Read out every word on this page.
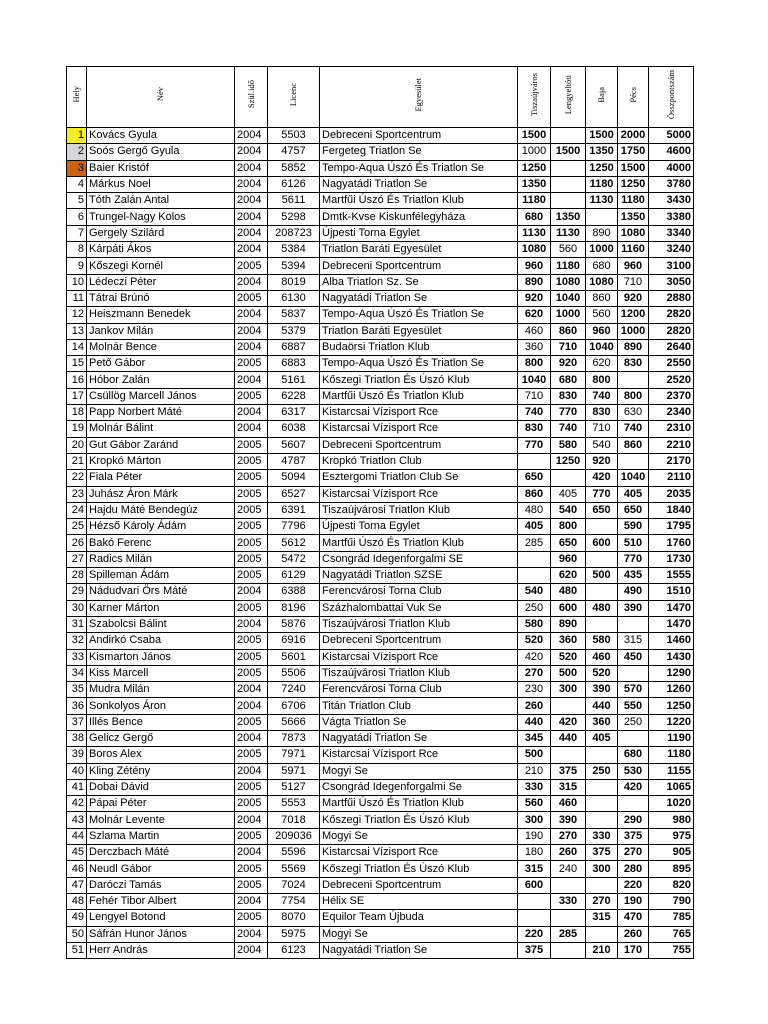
Hely	Név	Szül.idő	Licenc	Egyesület	Tiszaújváros	Lengyeltóti	Baja	Pécs	Összpontszám
1	Kovács Gyula	2004	5503	Debreceni Sportcentrum	1500		1500	2000	5000
2	Soós Gergő Gyula	2004	4757	Fergeteg Triatlon Se	1000	1500	1350	1750	4600
3	Baier Kristóf	2004	5852	Tempo-Aqua Úszó És Triatlon Se	1250		1250	1500	4000
4	Márkus Noel	2004	6126	Nagyatádi Triatlon Se	1350		1180	1250	3780
5	Tóth Zalán Antal	2004	5611	Martfűi Úszó És Triatlon Klub	1180		1130	1180	3430
6	Trungel-Nagy Kolos	2004	5298	Dmtk-Kvse Kiskunfélegyháza	680	1350		1350	3380
7	Gergely Szilárd	2004	208723	Újpesti Torna Egylet	1130	1130	890	1080	3340
8	Kárpáti Ákos	2004	5384	Triatlon Baráti Egyesület	1080	560	1000	1160	3240
9	Kőszegi Kornél	2005	5394	Debreceni Sportcentrum	960	1180	680	960	3100
10	Lédeczi Péter	2004	8019	Alba Triatlon Sz. Se	890	1080	1080	710	3050
11	Tátrai Brúnó	2005	6130	Nagyatádi Triatlon Se	920	1040	860	920	2880
12	Heiszmann Benedek	2004	5837	Tempo-Aqua Úszó És Triatlon Se	620	1000	560	1200	2820
13	Jankov Milán	2004	5379	Triatlon Baráti Egyesület	460	860	960	1000	2820
14	Molnár Bence	2004	6887	Budaörsi Triatlon Klub	360	710	1040	890	2640
15	Pető Gábor	2005	6883	Tempo-Aqua Úszó És Triatlon Se	800	920	620	830	2550
16	Hóbor Zalán	2004	5161	Kőszegi Triatlon És Úszó Klub	1040	680	800		2520
17	Csüllög Marcell János	2005	6228	Martfűi Úszó És Triatlon Klub	710	830	740	800	2370
18	Papp Norbert Máté	2004	6317	Kistarcsai Vízisport Rce	740	770	830	630	2340
19	Molnár Bálint	2004	6038	Kistarcsai Vízisport Rce	830	740	710	740	2310
20	Gut Gábor Zaránd	2005	5607	Debreceni Sportcentrum	770	580	540	860	2210
21	Kropkó Márton	2005	4787	Kropkó Triatlon Club		1250	920		2170
22	Fiala Péter	2005	5094	Esztergomi Triatlon Club Se	650		420	1040	2110
23	Juhász Áron Márk	2005	6527	Kistarcsai Vízisport Rce	860	405	770	405	2035
24	Hajdu Máté Bendegúz	2005	6391	Tiszaújvárosi Triatlon Klub	480	540	650	650	1840
25	Hézső Károly Ádám	2005	7796	Újpesti Torna Egylet	405	800		590	1795
26	Bakó Ferenc	2005	5612	Martfűi Úszó És Triatlon Klub	285	650	600	510	1760
27	Radics Milán	2005	5472	Csongrád Idegenforgalmi SE		960		770	1730
28	Spilleman Ádám	2005	6129	Nagyatádi Triatlon SZSE		620	500	435	1555
29	Nádudvari Örs Máté	2004	6388	Ferencvárosi Torna Club	540	480		490	1510
30	Karner Márton	2005	8196	Százhalombattai Vuk Se	250	600	480	390	1470
31	Szabolcsi Bálint	2004	5876	Tiszaújvárosi Triatlon Klub	580	890			1470
32	Andirkó Csaba	2005	6916	Debreceni Sportcentrum	520	360	580	315	1460
33	Kismarton János	2005	5601	Kistarcsai Vízisport Rce	420	520	460	450	1430
34	Kiss Marcell	2005	5506	Tiszaújvárosi Triatlon Klub	270	500	520		1290
35	Mudra Milán	2004	7240	Ferencvárosi Torna Club	230	300	390	570	1260
36	Sonkolyos Áron	2004	6706	Titán Triatlon Club	260		440	550	1250
37	Illés Bence	2005	5666	Vágta Triatlon Se	440	420	360	250	1220
38	Gelicz Gergő	2004	7873	Nagyatádi Triatlon Se	345	440	405		1190
39	Boros Alex	2005	7971	Kistarcsai Vízisport Rce	500			680	1180
40	Kling Zétény	2004	5971	Mogyi Se	210	375	250	530	1155
41	Dobai Dávid	2005	5127	Csongrád Idegenforgalmi Se	330	315		420	1065
42	Pápai Péter	2005	5553	Martfűi Úszó És Triatlon Klub	560	460			1020
43	Molnár Levente	2004	7018	Kőszegi Triatlon És Úszó Klub	300	390		290	980
44	Szlama Martin	2005	209036	Mogyi Se	190	270	330	375	975
45	Derczbach Máté	2004	5596	Kistarcsai Vízisport Rce	180	260	375	270	905
46	Neudl Gábor	2005	5569	Kőszegi Triatlon És Úszó Klub	315	240	300	280	895
47	Daróczi Tamás	2005	7024	Debreceni Sportcentrum	600			220	820
48	Fehér Tibor Albert	2004	7754	Hélix SE		330	270	190	790
49	Lengyel Botond	2005	8070	Equilor Team Újbuda			315	470	785
50	Sáfrán Hunor János	2004	5975	Mogyi Se	220	285		260	765
51	Herr András	2004	6123	Nagyatádi Triatlon Se	375		210	170	755
